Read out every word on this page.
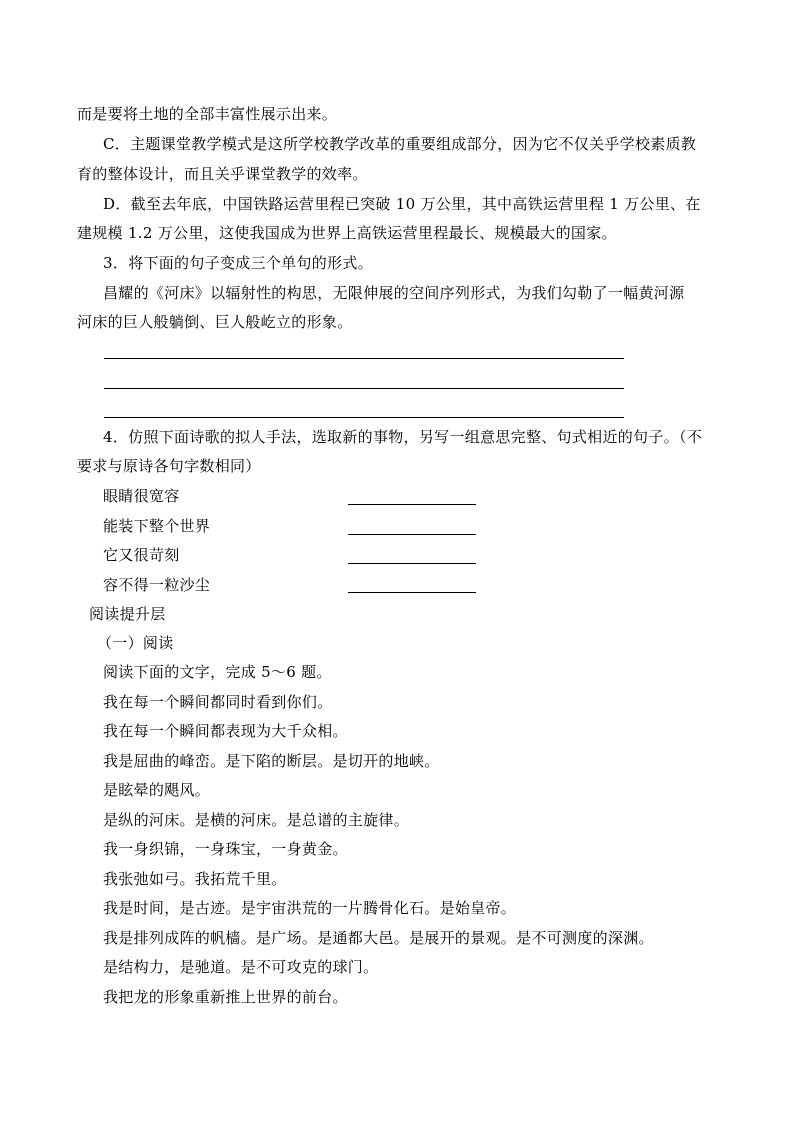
而是要将土地的全部丰富性展示出来。
C．主题课堂教学模式是这所学校教学改革的重要组成部分，因为它不仅关乎学校素质教
育的整体设计，而且关乎课堂教学的效率。
D．截至去年底，中国铁路运营里程已突破 10 万公里，其中高铁运营里程 1 万公里、在
建规模 1.2 万公里，这使我国成为世界上高铁运营里程最长、规模最大的国家。
3．将下面的句子变成三个单句的形式。
昌耀的《河床》以辐射性的构思，无限伸展的空间序列形式，为我们勾勒了一幅黄河源
河床的巨人般躺倒、巨人般屹立的形象。
4．仿照下面诗歌的拟人手法，选取新的事物，另写一组意思完整、句式相近的句子。（不
要求与原诗各句字数相同）
眼睛很宽容
能装下整个世界
它又很苛刻
容不得一粒沙尘
阅读提升层
（一）阅读
阅读下面的文字，完成 5～6 题。
我在每一个瞬间都同时看到你们。
我在每一个瞬间都表现为大千众相。
我是屈曲的峰峦。是下陷的断层。是切开的地峡。
是眩晕的飓风。
是纵的河床。是横的河床。是总谱的主旋律。
我一身织锦，一身珠宝，一身黄金。
我张弛如弓。我拓荒千里。
我是时间，是古迹。是宇宙洪荒的一片腾骨化石。是始皇帝。
我是排列成阵的帆樯。是广场。是通都大邑。是展开的景观。是不可测度的深渊。
是结构力，是驰道。是不可攻克的球门。
我把龙的形象重新推上世界的前台。
